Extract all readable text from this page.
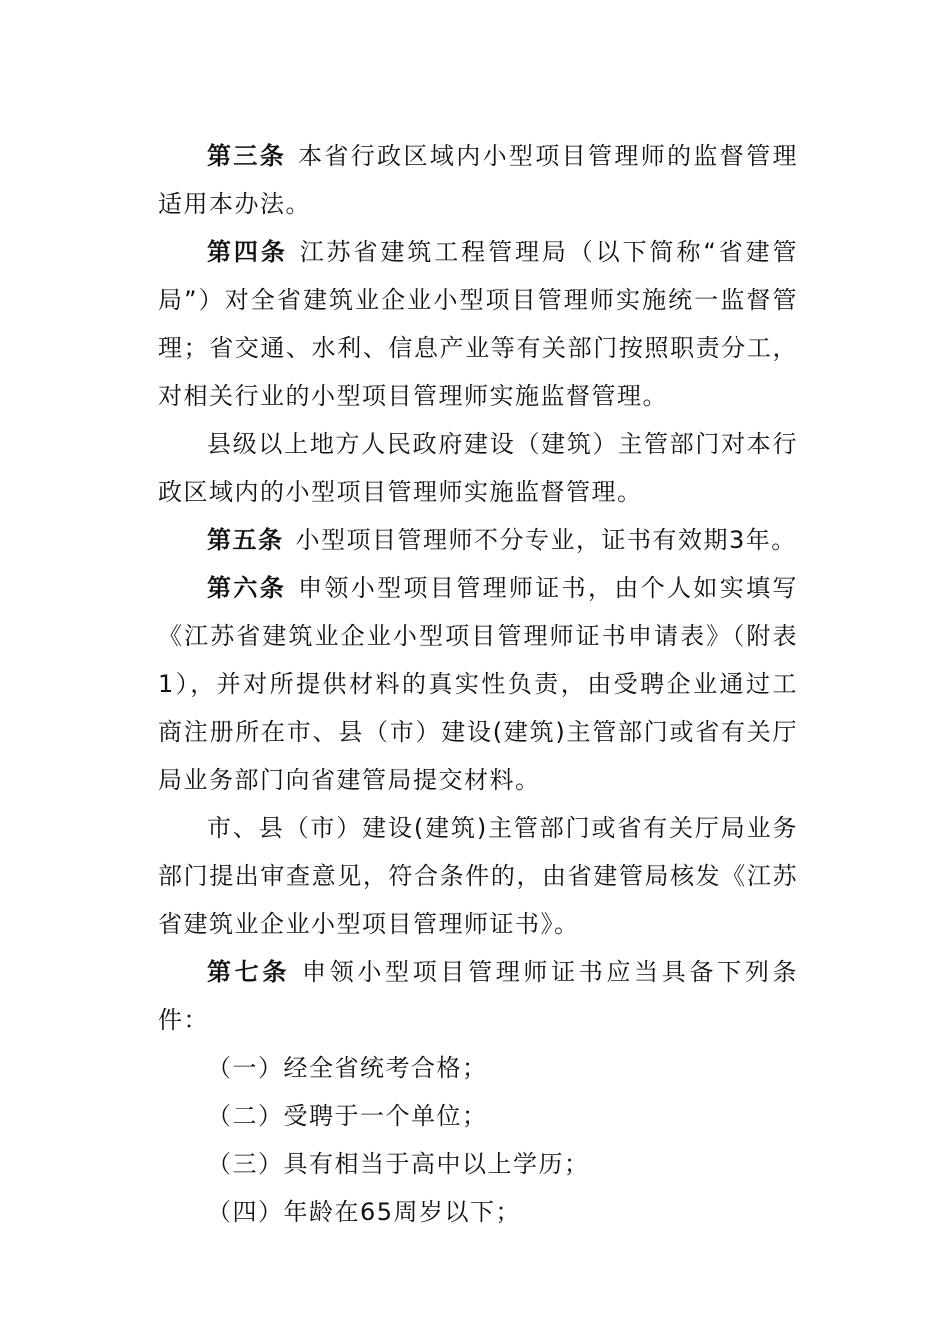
第三条 本省行政区域内小型项目管理师的监督管理适用本办法。

第四条 江苏省建筑工程管理局（以下简称“省建管局”）对全省建筑业企业小型项目管理师实施统一监督管理；省交通、水利、信息产业等有关部门按照职责分工，对相关行业的小型项目管理师实施监督管理。

县级以上地方人民政府建设（建筑）主管部门对本行政区域内的小型项目管理师实施监督管理。

第五条 小型项目管理师不分专业，证书有效期3年。

第六条 申领小型项目管理师证书，由个人如实填写《江苏省建筑业企业小型项目管理师证书申请表》（附表1），并对所提供材料的真实性负责，由受聘企业通过工商注册所在市、县（市）建设(建筑)主管部门或省有关厅局业务部门向省建管局提交材料。

市、县（市）建设(建筑)主管部门或省有关厅局业务部门提出审查意见，符合条件的，由省建管局核发《江苏省建筑业企业小型项目管理师证书》。

第七条 申领小型项目管理师证书应当具备下列条件：

（一）经全省统考合格；

（二）受聘于一个单位；

（三）具有相当于高中以上学历；

（四）年龄在65周岁以下；
